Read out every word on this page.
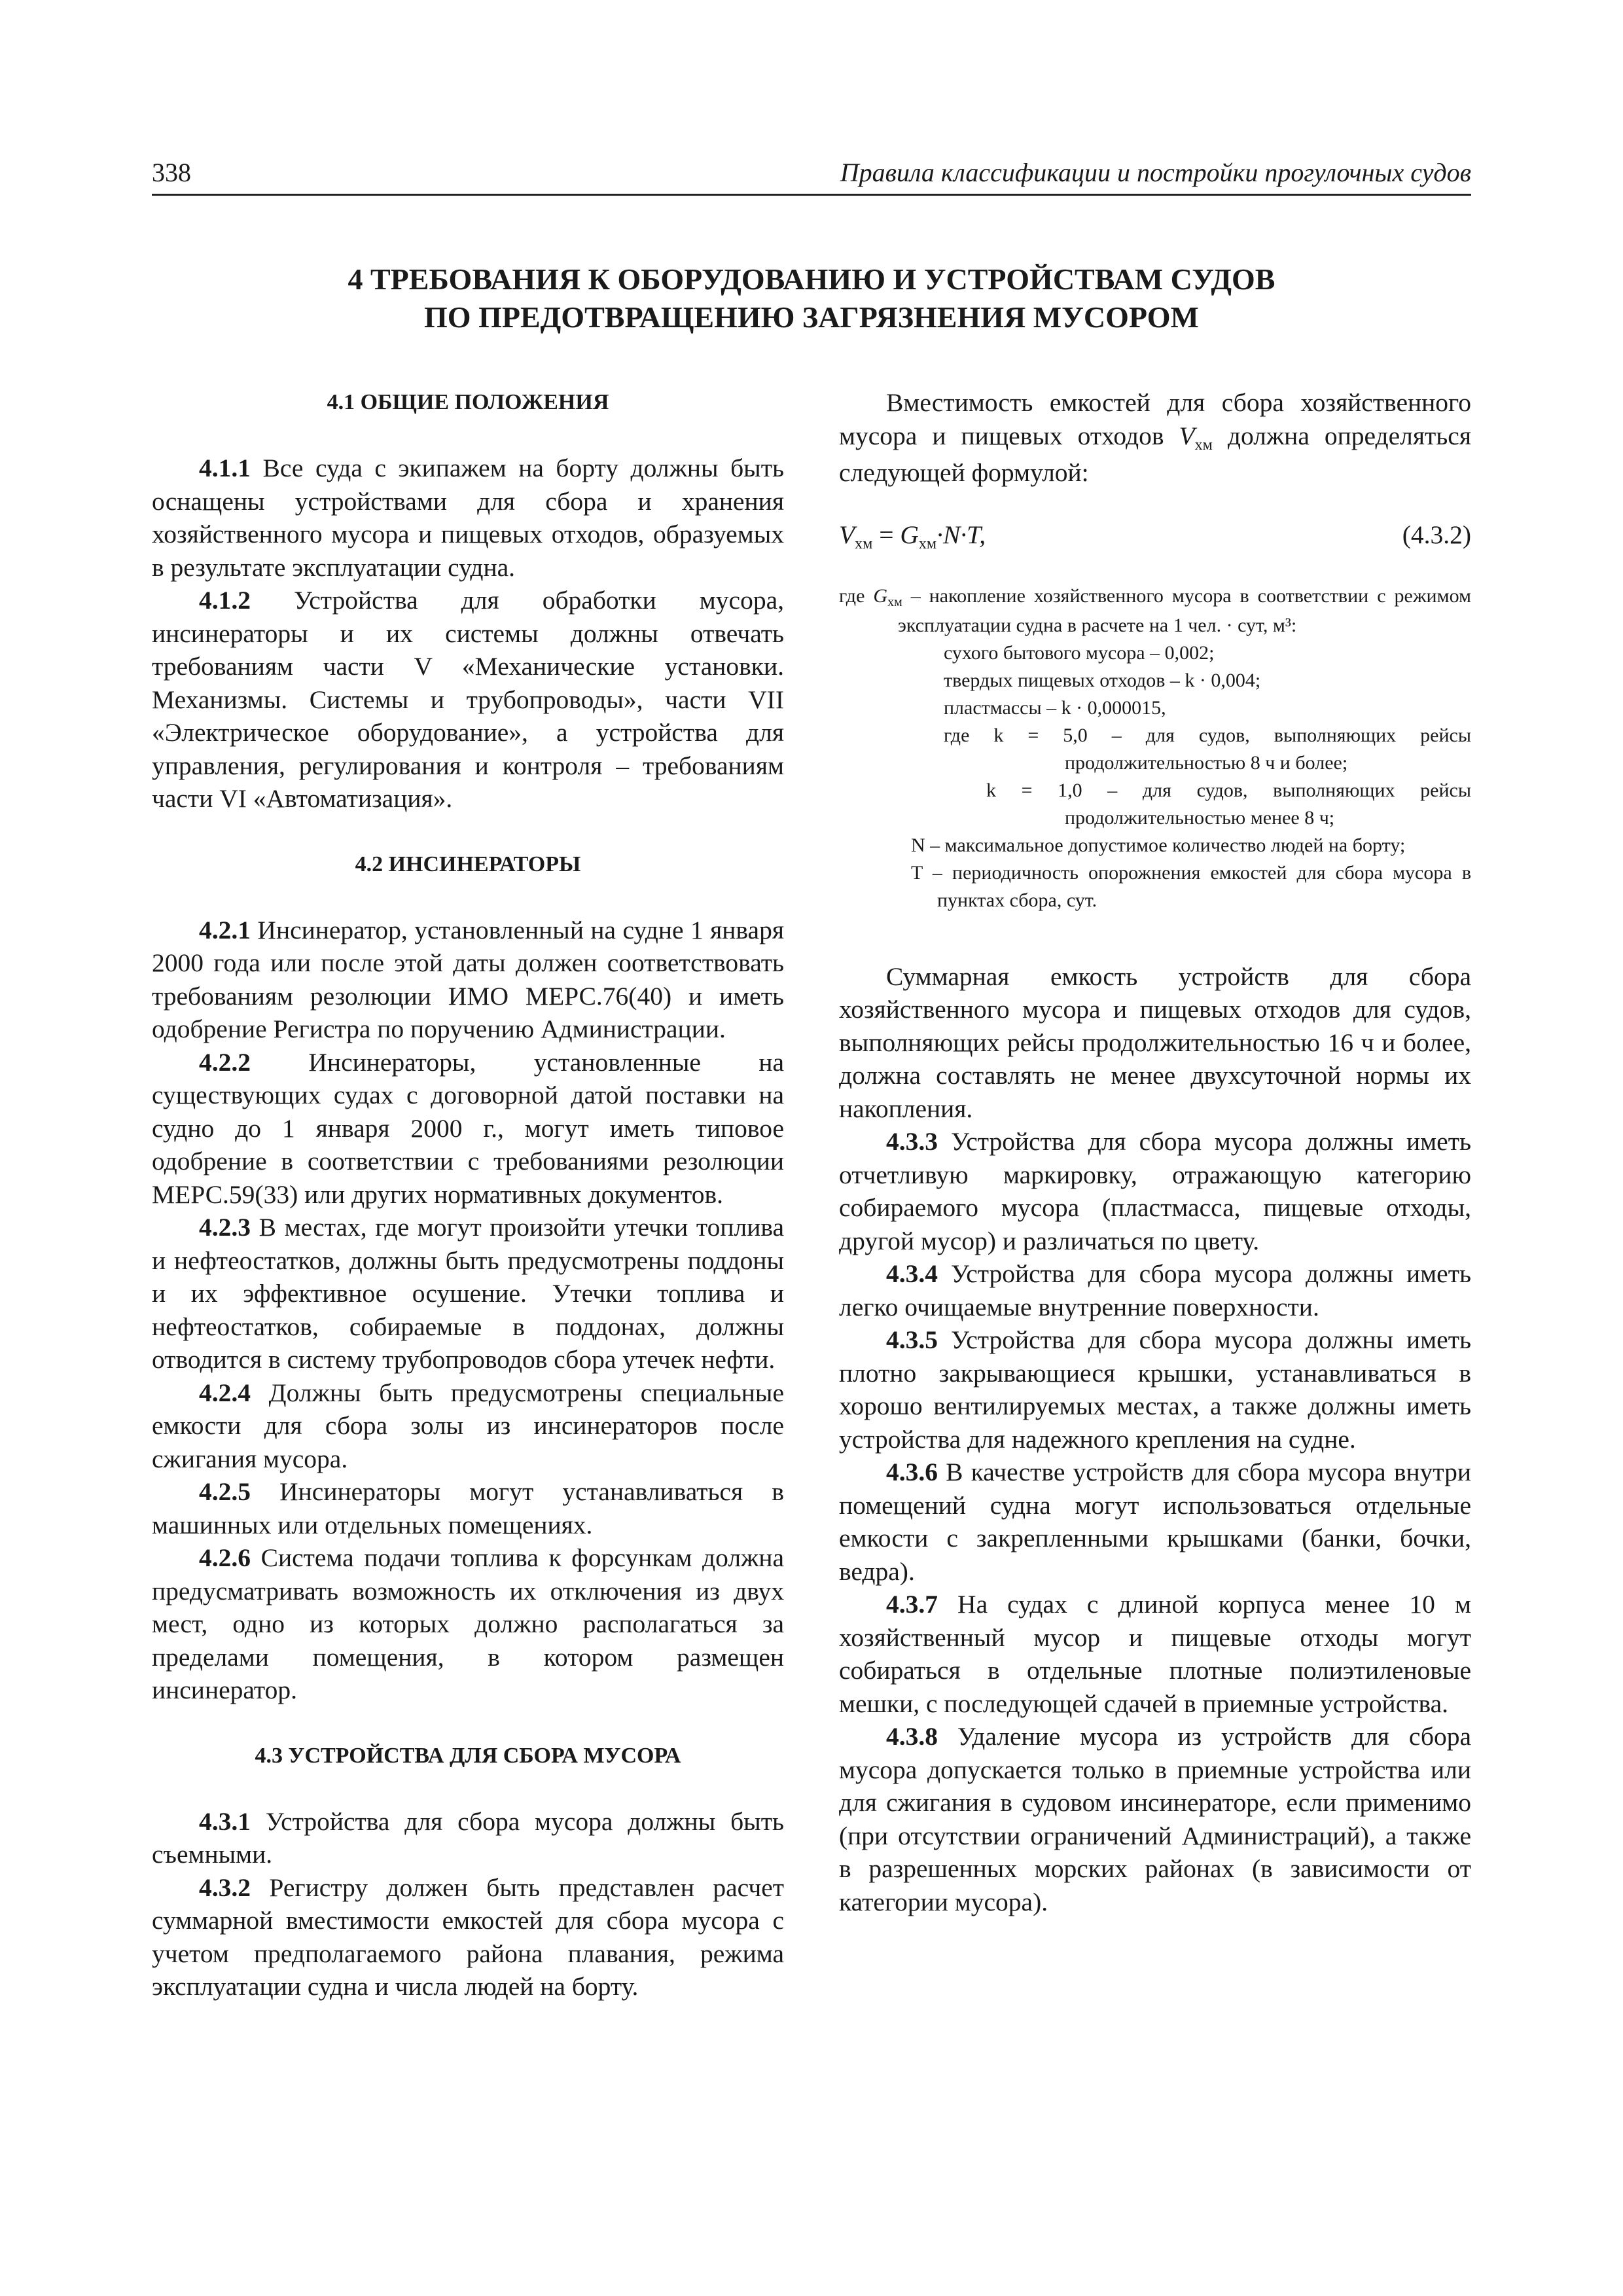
338	Правила классификации и постройки прогулочных судов
4 ТРЕБОВАНИЯ К ОБОРУДОВАНИЮ И УСТРОЙСТВАМ СУДОВ
ПО ПРЕДОТВРАЩЕНИЮ ЗАГРЯЗНЕНИЯ МУСОРОМ
4.1 ОБЩИЕ ПОЛОЖЕНИЯ

4.1.1 Все суда с экипажем на борту должны быть оснащены устройствами для сбора и хранения хозяйственного мусора и пищевых отходов, образуемых в результате эксплуатации судна.

4.1.2 Устройства для обработки мусора, инсинераторы и их системы должны отвечать требованиям части V «Механические установки. Механизмы. Системы и трубопроводы», части VII «Электрическое оборудование», а устройства для управления, регулирования и контроля – требованиям части VI «Автоматизация».

4.2 ИНСИНЕРАТОРЫ

4.2.1 Инсинератор, установленный на судне 1 января 2000 года или после этой даты должен соответствовать требованиям резолюции ИМО МЕРС.76(40) и иметь одобрение Регистра по поручению Администрации.

4.2.2 Инсинераторы, установленные на существующих судах с договорной датой поставки на судно до 1 января 2000 г., могут иметь типовое одобрение в соответствии с требованиями резолюции МЕРС.59(33) или других нормативных документов.

4.2.3 В местах, где могут произойти утечки топлива и нефтеостатков, должны быть предусмотрены поддоны и их эффективное осушение. Утечки топлива и нефтеостатков, собираемые в поддонах, должны отводится в систему трубопроводов сбора утечек нефти.

4.2.4 Должны быть предусмотрены специальные емкости для сбора золы из инсинераторов после сжигания мусора.

4.2.5 Инсинераторы могут устанавливаться в машинных или отдельных помещениях.

4.2.6 Система подачи топлива к форсункам должна предусматривать возможность их отключения из двух мест, одно из которых должно располагаться за пределами помещения, в котором размещен инсинератор.

4.3 УСТРОЙСТВА ДЛЯ СБОРА МУСОРА

4.3.1 Устройства для сбора мусора должны быть съемными.

4.3.2 Регистру должен быть представлен расчет суммарной вместимости емкостей для сбора мусора с учетом предполагаемого района плавания, режима эксплуатации судна и числа людей на борту.

Вместимость емкостей для сбора хозяйственного мусора и пищевых отходов $V_{хм}$ должна определяться следующей формулой:

$V_{хм} = G_{хм}\cdot N\cdot T$,	(4.3.2)

где $G_{хм}$ – накопление хозяйственного мусора в соответствии с режимом эксплуатации судна в расчете на 1 чел. · сут, м³:

сухого бытового мусора – 0,002;

твердых пищевых отходов – k · 0,004;

пластмассы – k · 0,000015,

где k = 5,0 – для судов, выполняющих рейсы продолжительностью 8 ч и более;

k = 1,0 – для судов, выполняющих рейсы продолжительностью менее 8 ч;

N – максимальное допустимое количество людей на борту;

T – периодичность опорожнения емкостей для сбора мусора в пунктах сбора, сут.

Суммарная емкость устройств для сбора хозяйственного мусора и пищевых отходов для судов, выполняющих рейсы продолжительностью 16 ч и более, должна составлять не менее двухсуточной нормы их накопления.

4.3.3 Устройства для сбора мусора должны иметь отчетливую маркировку, отражающую категорию собираемого мусора (пластмасса, пищевые отходы, другой мусор) и различаться по цвету.

4.3.4 Устройства для сбора мусора должны иметь легко очищаемые внутренние поверхности.

4.3.5 Устройства для сбора мусора должны иметь плотно закрывающиеся крышки, устанавливаться в хорошо вентилируемых местах, а также должны иметь устройства для надежного крепления на судне.

4.3.6 В качестве устройств для сбора мусора внутри помещений судна могут использоваться отдельные емкости с закрепленными крышками (банки, бочки, ведра).

4.3.7 На судах с длиной корпуса менее 10 м хозяйственный мусор и пищевые отходы могут собираться в отдельные плотные полиэтиленовые мешки, с последующей сдачей в приемные устройства.

4.3.8 Удаление мусора из устройств для сбора мусора допускается только в приемные устройства или для сжигания в судовом инсинераторе, если применимо (при отсутствии ограничений Администраций), а также в разрешенных морских районах (в зависимости от категории мусора).
